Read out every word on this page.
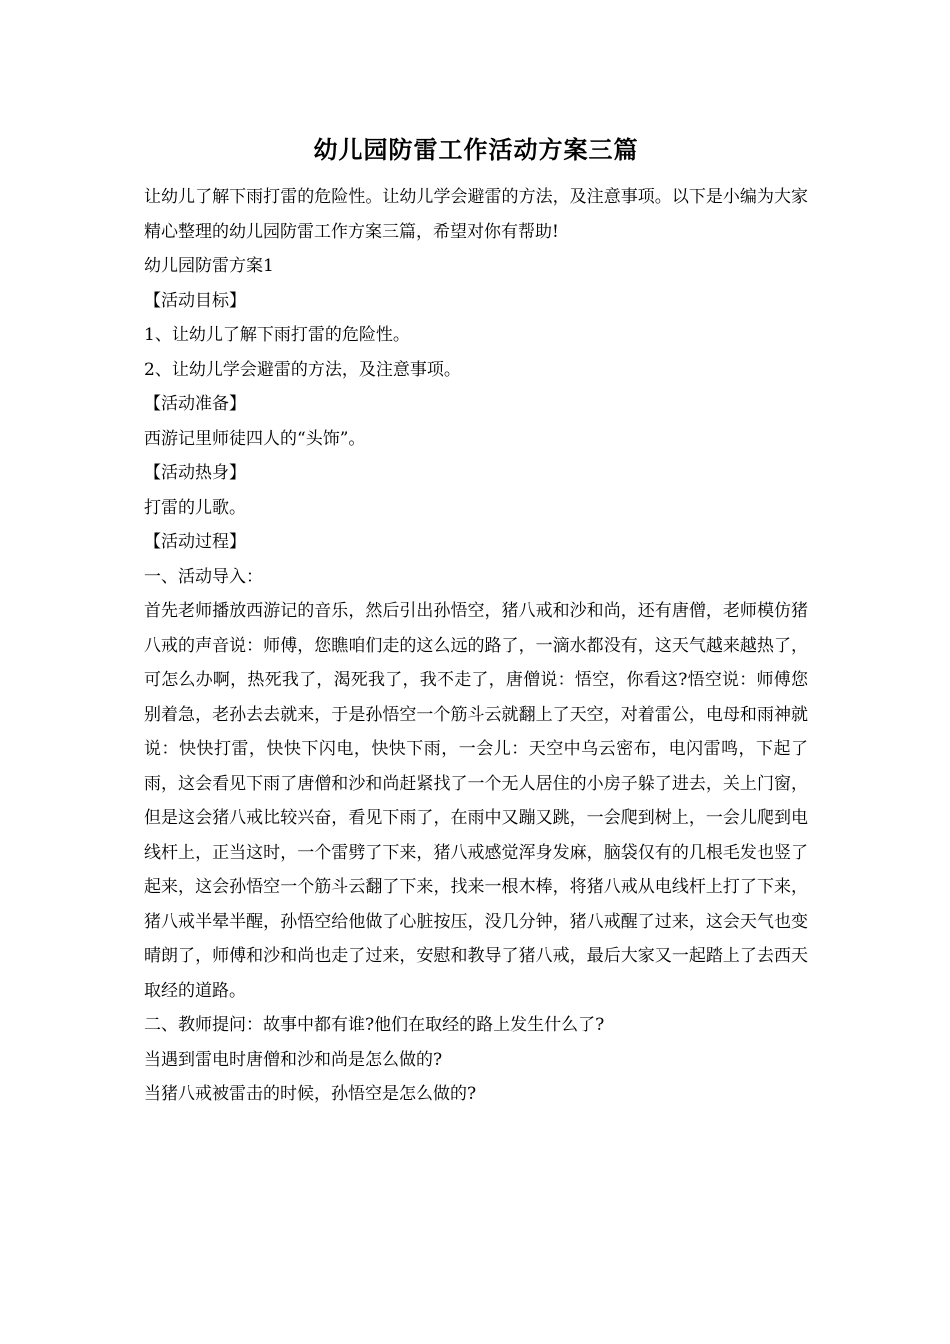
幼儿园防雷工作活动方案三篇

让幼儿了解下雨打雷的危险性。让幼儿学会避雷的方法，及注意事项。以下是小编为大家精心整理的幼儿园防雷工作方案三篇，希望对你有帮助!

幼儿园防雷方案1

【活动目标】

1、让幼儿了解下雨打雷的危险性。

2、让幼儿学会避雷的方法，及注意事项。

【活动准备】

西游记里师徒四人的“头饰”。

【活动热身】

打雷的儿歌。

【活动过程】

一、活动导入：

首先老师播放西游记的音乐，然后引出孙悟空，猪八戒和沙和尚，还有唐僧，老师模仿猪八戒的声音说：师傅，您瞧咱们走的这么远的路了，一滴水都没有，这天气越来越热了，可怎么办啊，热死我了，渴死我了，我不走了，唐僧说：悟空，你看这?悟空说：师傅您别着急，老孙去去就来，于是孙悟空一个筋斗云就翻上了天空，对着雷公，电母和雨神就说：快快打雷，快快下闪电，快快下雨，一会儿：天空中乌云密布，电闪雷鸣，下起了雨，这会看见下雨了唐僧和沙和尚赶紧找了一个无人居住的小房子躲了进去，关上门窗，但是这会猪八戒比较兴奋，看见下雨了，在雨中又蹦又跳，一会爬到树上，一会儿爬到电线杆上，正当这时，一个雷劈了下来，猪八戒感觉浑身发麻，脑袋仅有的几根毛发也竖了起来，这会孙悟空一个筋斗云翻了下来，找来一根木棒，将猪八戒从电线杆上打了下来，猪八戒半晕半醒，孙悟空给他做了心脏按压，没几分钟，猪八戒醒了过来，这会天气也变晴朗了，师傅和沙和尚也走了过来，安慰和教导了猪八戒，最后大家又一起踏上了去西天取经的道路。

二、教师提问：故事中都有谁?他们在取经的路上发生什么了?

当遇到雷电时唐僧和沙和尚是怎么做的?

当猪八戒被雷击的时候，孙悟空是怎么做的?
